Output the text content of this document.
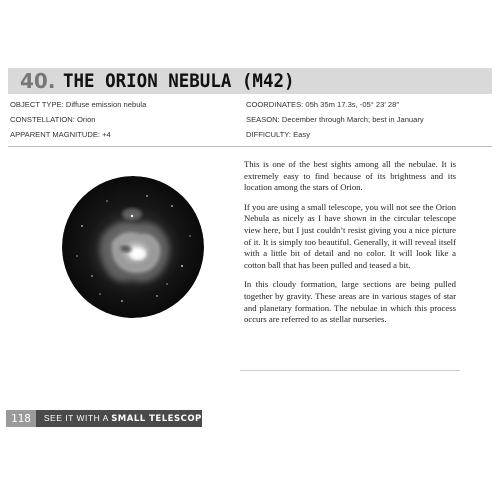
40. THE ORION NEBULA (M42)
OBJECT TYPE: Diffuse emission nebula	COORDINATES: 05h 35m 17.3s, -05° 23′ 28″
CONSTELLATION: Orion	SEASON: December through March; best in January
APPARENT MAGNITUDE: +4	DIFFICULTY: Easy

This is one of the best sights among all the nebulae. It is extremely easy to find because of its brightness and its location among the stars of Orion.

If you are using a small telescope, you will not see the Orion Nebula as nicely as I have shown in the circular telescope view here, but I just couldn’t resist giving you a nice picture of it. It is simply too beautiful. Generally, it will reveal itself with a little bit of detail and no color. It will look like a cotton ball that has been pulled and teased a bit.

In this cloudy formation, large sections are being pulled together by gravity. These areas are in various stages of star and planetary formation. The nebulae in which this process occurs are referred to as stellar nurseries.

118	SEE IT WITH A SMALL TELESCOPE
